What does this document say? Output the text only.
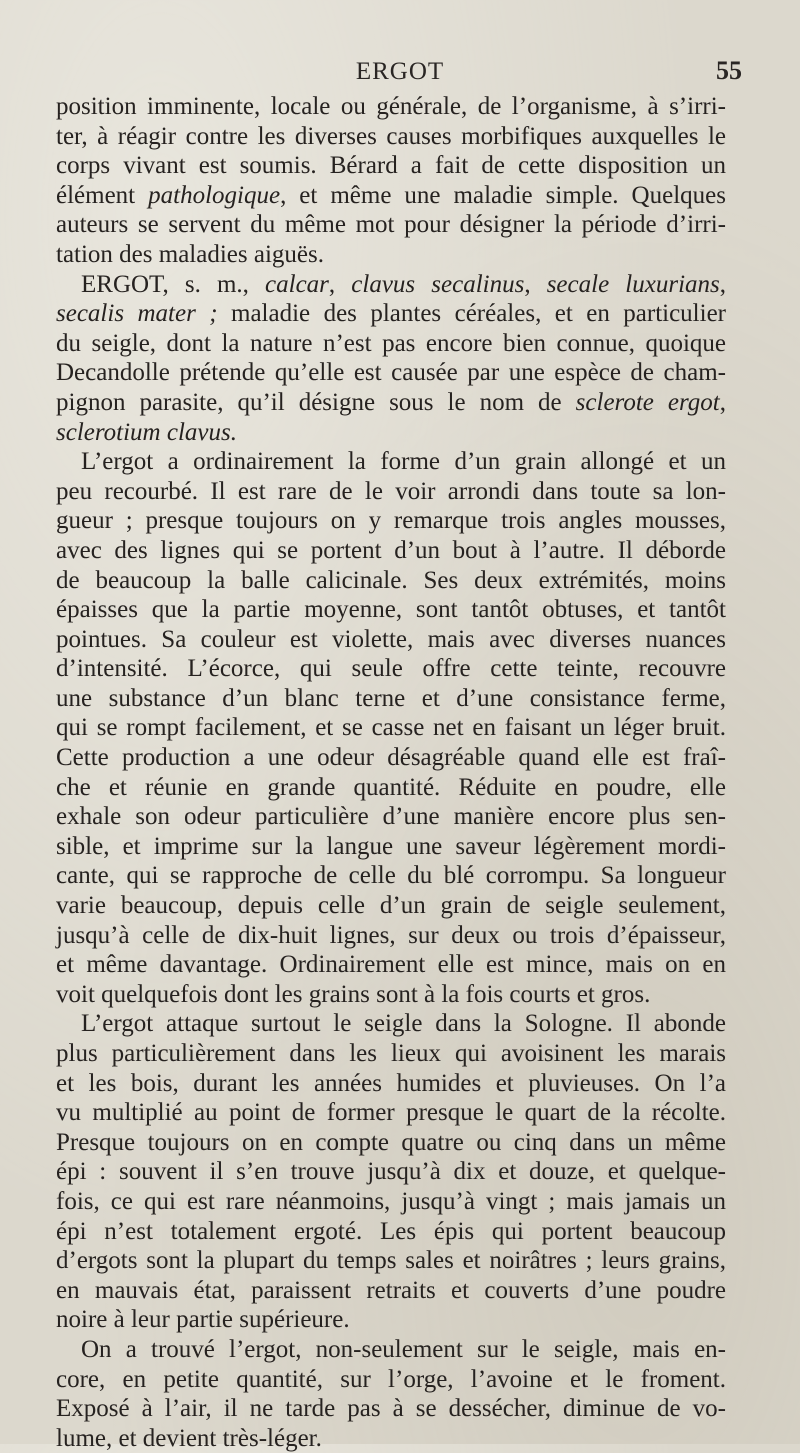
ERGOT	55
position imminente, locale ou générale, de l’organisme, à s’irri-
ter, à réagir contre les diverses causes morbifiques auxquelles le
corps vivant est soumis. Bérard a fait de cette disposition un
élément pathologique, et même une maladie simple. Quelques
auteurs se servent du même mot pour désigner la période d’irri-
tation des maladies aiguës.
 ERGOT, s. m., calcar, clavus secalinus, secale luxurians,
secalis mater ; maladie des plantes céréales, et en particulier
du seigle, dont la nature n’est pas encore bien connue, quoique
Decandolle prétende qu’elle est causée par une espèce de cham-
pignon parasite, qu’il désigne sous le nom de sclerote ergot,
sclerotium clavus.
 L’ergot a ordinairement la forme d’un grain allongé et un
peu recourbé. Il est rare de le voir arrondi dans toute sa lon-
gueur ; presque toujours on y remarque trois angles mousses,
avec des lignes qui se portent d’un bout à l’autre. Il déborde
de beaucoup la balle calicinale. Ses deux extrémités, moins
épaisses que la partie moyenne, sont tantôt obtuses, et tantôt
pointues. Sa couleur est violette, mais avec diverses nuances
d’intensité. L’écorce, qui seule offre cette teinte, recouvre
une substance d’un blanc terne et d’une consistance ferme,
qui se rompt facilement, et se casse net en faisant un léger bruit.
Cette production a une odeur désagréable quand elle est fraî-
che et réunie en grande quantité. Réduite en poudre, elle
exhale son odeur particulière d’une manière encore plus sen-
sible, et imprime sur la langue une saveur légèrement mordi-
cante, qui se rapproche de celle du blé corrompu. Sa longueur
varie beaucoup, depuis celle d’un grain de seigle seulement,
jusqu’à celle de dix-huit lignes, sur deux ou trois d’épaisseur,
et même davantage. Ordinairement elle est mince, mais on en
voit quelquefois dont les grains sont à la fois courts et gros.
 L’ergot attaque surtout le seigle dans la Sologne. Il abonde
plus particulièrement dans les lieux qui avoisinent les marais
et les bois, durant les années humides et pluvieuses. On l’a
vu multiplié au point de former presque le quart de la récolte.
Presque toujours on en compte quatre ou cinq dans un même
épi : souvent il s’en trouve jusqu’à dix et douze, et quelque-
fois, ce qui est rare néanmoins, jusqu’à vingt ; mais jamais un
épi n’est totalement ergoté. Les épis qui portent beaucoup
d’ergots sont la plupart du temps sales et noirâtres ; leurs grains,
en mauvais état, paraissent retraits et couverts d’une poudre
noire à leur partie supérieure.
 On a trouvé l’ergot, non-seulement sur le seigle, mais en-
core, en petite quantité, sur l’orge, l’avoine et le froment.
Exposé à l’air, il ne tarde pas à se dessécher, diminue de vo-
lume, et devient très-léger.
